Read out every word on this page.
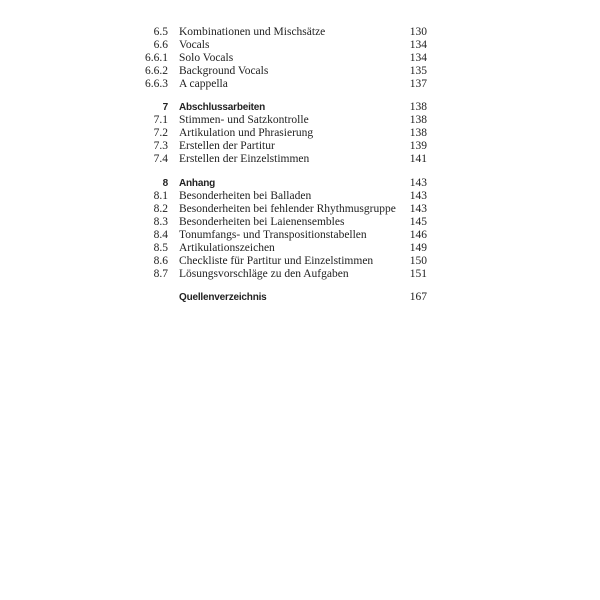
6.5 Kombinationen und Mischsätze	130
6.6 Vocals	134
6.6.1 Solo Vocals	134
6.6.2 Background Vocals	135
6.6.3 A cappella	137
7 Abschlussarbeiten	138
7.1 Stimmen- und Satzkontrolle	138
7.2 Artikulation und Phrasierung	138
7.3 Erstellen der Partitur	139
7.4 Erstellen der Einzelstimmen	141
8 Anhang	143
8.1 Besonderheiten bei Balladen	143
8.2 Besonderheiten bei fehlender Rhythmusgruppe 143
8.3 Besonderheiten bei Laienensembles	145
8.4 Tonumfangs- und Transpositionstabellen	146
8.5 Artikulationszeichen	149
8.6 Checkliste für Partitur und Einzelstimmen	150
8.7 Lösungsvorschläge zu den Aufgaben	151
Quellenverzeichnis	167
